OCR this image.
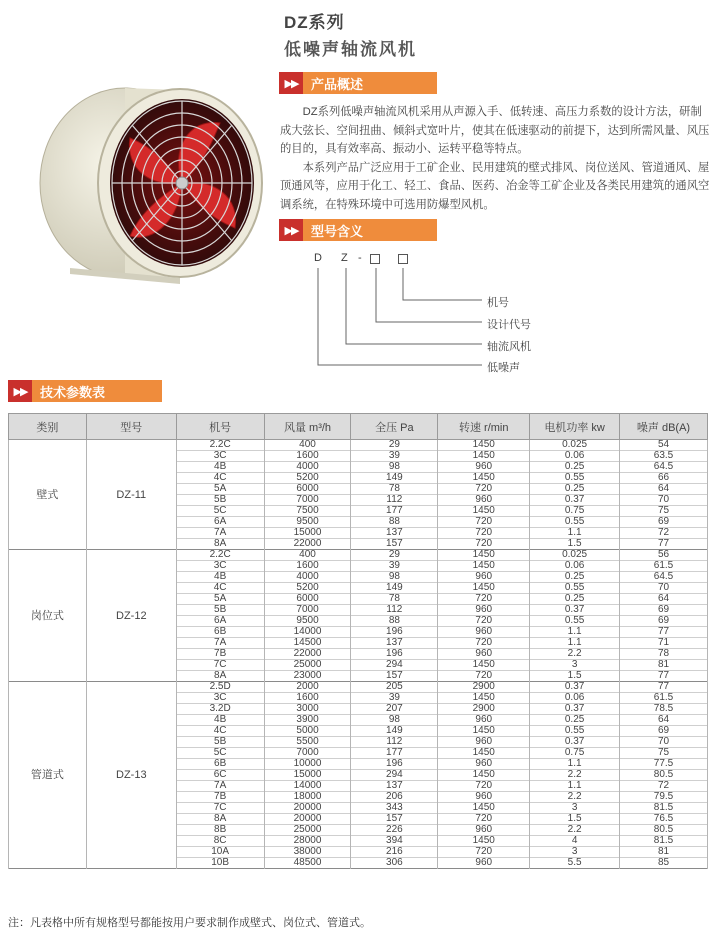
DZ系列
低噪声轴流风机
▶▶	产品概述

DZ系列低噪声轴流风机采用从声源入手、低转速、高压力系数的设计方法，研制成大弦长、空间扭曲、倾斜式宽叶片，使其在低速驱动的前提下，达到所需风量、风压的目的，具有效率高、振动小、运转平稳等特点。

本系列产品广泛应用于工矿企业、民用建筑的壁式排风、岗位送风、管道通风、屋顶通风等，应用于化工、轻工、食品、医药、冶金等工矿企业及各类民用建筑的通风空调系统，在特殊环境中可选用防爆型风机。

▶▶	型号含义
D Z -
机号
设计代号
轴流风机
低噪声
▶▶	技术参数表
类别	型号	机号	风量 m³/h	全压 Pa	转速 r/min	电机功率 kw	噪声 dB(A)
壁式	DZ-11	2.2C	400	29	1450	0.025	54
		3C	1600	39	1450	0.06	63.5
		4B	4000	98	960	0.25	64.5
		4C	5200	149	1450	0.55	66
		5A	6000	78	720	0.25	64
		5B	7000	112	960	0.37	70
		5C	7500	177	1450	0.75	75
		6A	9500	88	720	0.55	69
		7A	15000	137	720	1.1	72
		8A	22000	157	720	1.5	77
岗位式	DZ-12	2.2C	400	29	1450	0.025	56
		3C	1600	39	1450	0.06	61.5
		4B	4000	98	960	0.25	64.5
		4C	5200	149	1450	0.55	70
		5A	6000	78	720	0.25	64
		5B	7000	112	960	0.37	69
		6A	9500	88	720	0.55	69
		6B	14000	196	960	1.1	77
		7A	14500	137	720	1.1	71
		7B	22000	196	960	2.2	78
		7C	25000	294	1450	3	81
		8A	23000	157	720	1.5	77
管道式	DZ-13	2.5D	2000	205	2900	0.37	77
		3C	1600	39	1450	0.06	61.5
		3.2D	3000	207	2900	0.37	78.5
		4B	3900	98	960	0.25	64
		4C	5000	149	1450	0.55	69
		5B	5500	112	960	0.37	70
		5C	7000	177	1450	0.75	75
		6B	10000	196	960	1.1	77.5
		6C	15000	294	1450	2.2	80.5
		7A	14000	137	720	1.1	72
		7B	18000	206	960	2.2	79.5
		7C	20000	343	1450	3	81.5
		8A	20000	157	720	1.5	76.5
		8B	25000	226	960	2.2	80.5
		8C	28000	394	1450	4	81.5
		10A	38000	216	720	3	81
		10B	48500	306	960	5.5	85
注：凡表格中所有规格型号都能按用户要求制作成壁式、岗位式、管道式。
